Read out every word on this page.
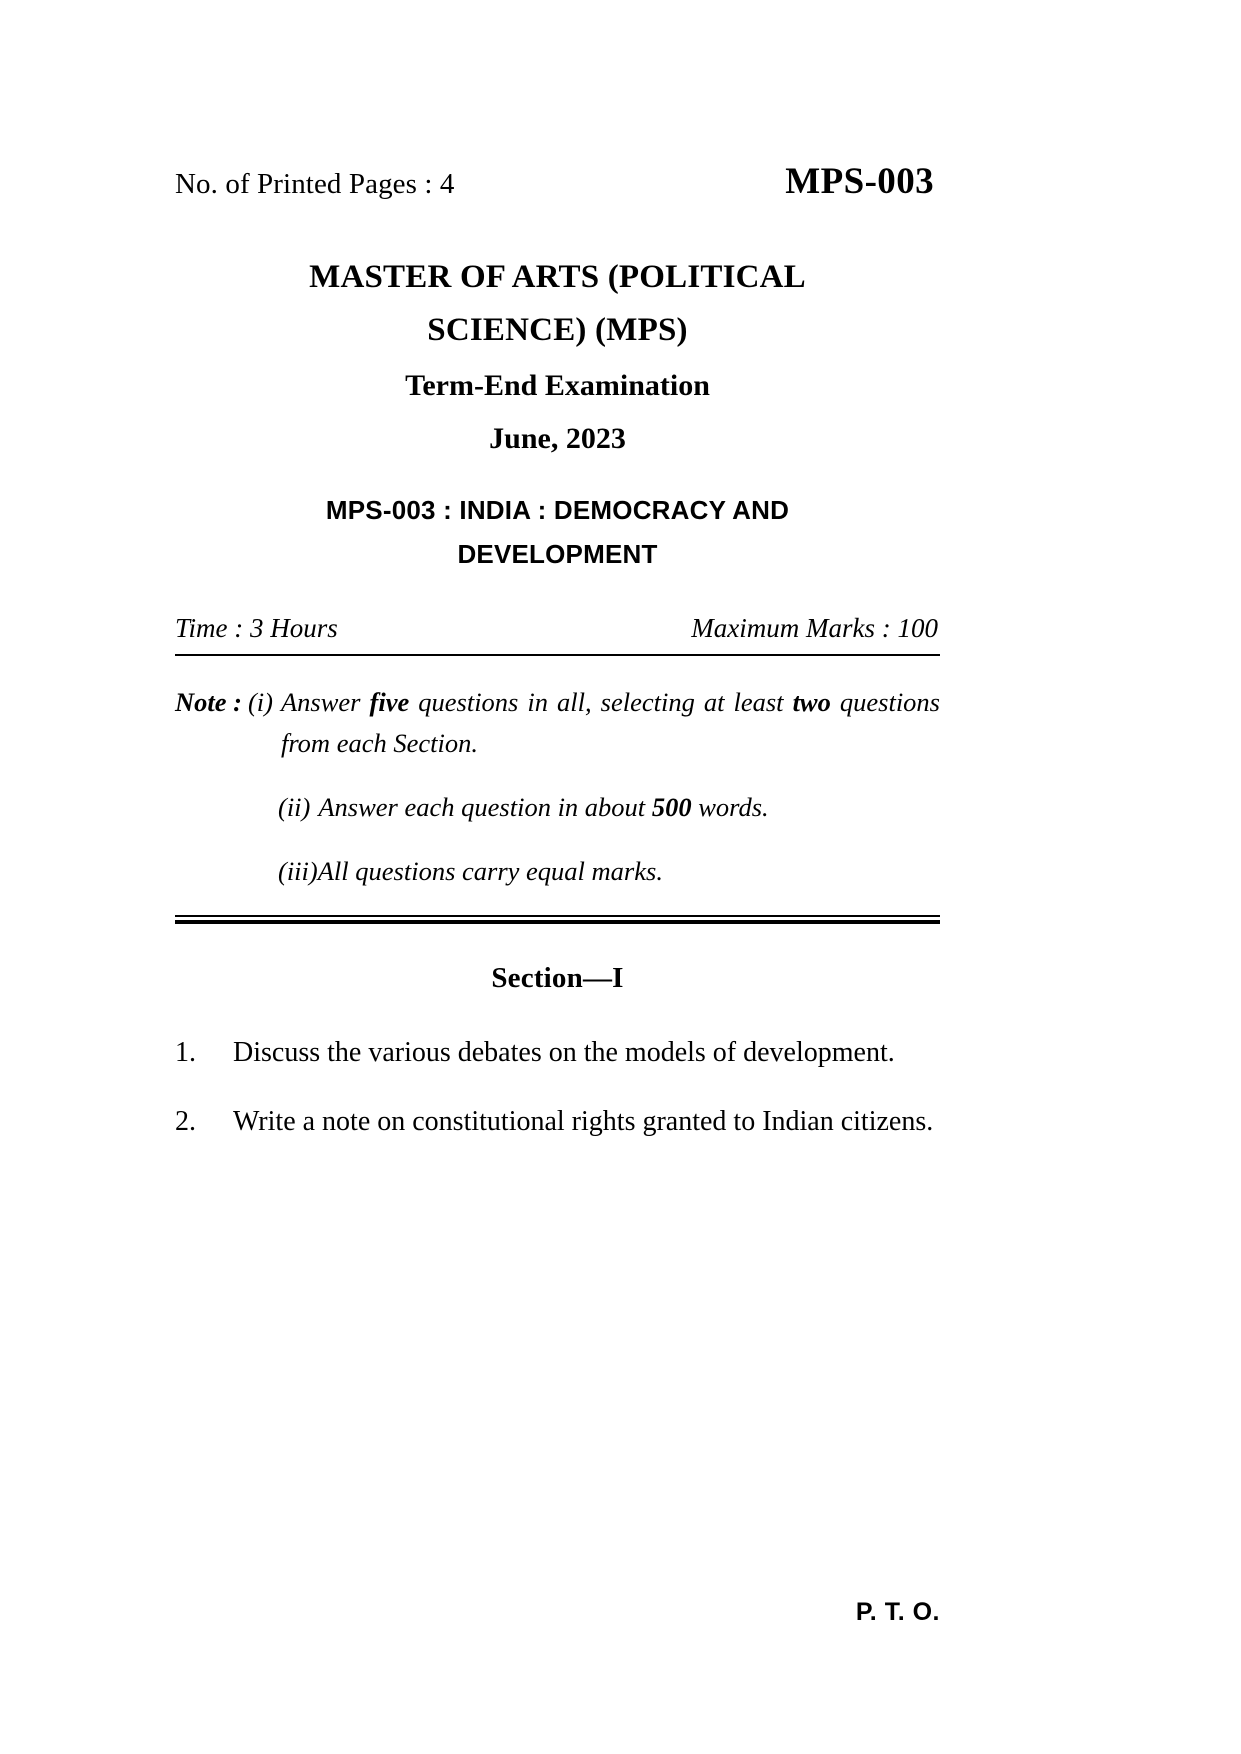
No. of Printed Pages : 4	MPS-003
MASTER OF ARTS (POLITICAL
SCIENCE) (MPS)
Term-End Examination
June, 2023
MPS-003 : INDIA : DEMOCRACY AND
DEVELOPMENT
Time : 3 Hours	Maximum Marks : 100
Note : (i) Answer five questions in all, selecting at least two questions from each Section.
(ii) Answer each question in about 500 words.
(iii) All questions carry equal marks.
Section—I
1.	Discuss the various debates on the models of development.
2.	Write a note on constitutional rights granted to Indian citizens.
P. T. O.
